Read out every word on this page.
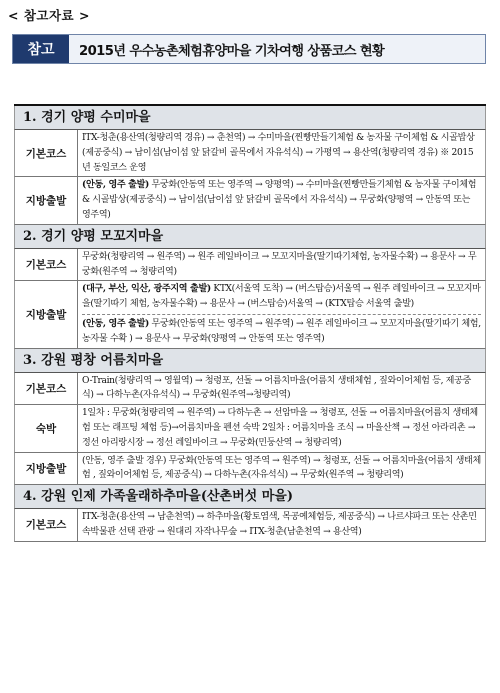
< 참고자료 >
참고	2015년 우수농촌체험휴양마을 기차여행 상품코스 현황
1. 경기 양평 수미마을
기본코스

ITX-청춘(용산역(청량리역 경유) → 춘천역) → 수미마을(찐빵만들기체험 & 농자물 구이체험 & 시골밥상(제공중식) → 남이섬(남이섬 앞 닭갈비 골목에서 자유석식) → 가평역 → 용산역(청량리역 경유) ※ 2015년 동일코스 운영

지방출발

(안동, 영주 출발) 무궁화(안동역 또는 영주역 → 양평역) → 수미마을(찐빵만들기체험 & 농자물 구이체험 & 시골밥상(제공중식) → 남이섬(남이섬 앞 닭갈비 골목에서 자유석식) → 무궁화(양평역 → 안동역 또는 영주역)

2. 경기 양평 모꼬지마을
기본코스

무궁화(청량리역 → 원주역) → 원주 레일바이크 → 모꼬지마을(딸기따기체험, 농자물수확) → 용문사 → 무궁화(원주역 → 청량리역)

지방출발

(대구, 부산, 익산, 광주지역 출발) KTX(서울역 도착) → (버스탑승)서울역 → 원주 레일바이크 → 모꼬지마을(딸기따기 체험, 농자물수확) → 용문사 → (버스탑승)서울역 → (KTX탑승 서울역 출발)

(안동, 영주 출발) 무궁화(안동역 또는 영주역 → 원주역) → 원주 레일바이크 → 모꼬지마을(딸기따기 체험, 농자물 수확 ) → 용문사 → 무궁화(양평역 → 안동역 또는 영주역)

3. 강원 평창 어름치마을
기본코스

O-Train(청량리역 → 영월역) → 청령포, 선돌 → 어름치마을(어름치 생태체험 , 짚와이어체험 등, 제공중식) → 다하누촌(자유석식) → 무궁화(원주역→청량리역)

숙박

1일차 : 무궁화(청량리역 → 원주역) → 다하누촌 → 선암마을 → 청령포, 선돌 → 어름치마을(어름치 생태체험 또는 래프팅 체험 등)→어름치마을 펜션 숙박 2일차 : 어름치마을 조식 → 마을산책 → 정선 아라리촌 → 정선 아리랑시장 → 정선 레일바이크 → 무궁화(민둥산역 → 청량리역)

지방출발

(안동, 영주 출발 경우) 무궁화(안동역 또는 영주역 → 원주역) → 청령포, 선돌 → 어름치마을(어름치 생태체험 , 짚와이어체험 등, 제공중식) → 다하누촌(자유석식) → 무궁화(원주역 → 청량리역)

4. 강원 인제 가족울래하추마을(산촌버섯 마을)
기본코스

ITX-청춘(용산역 → 남춘천역) → 하추마을(황토염색, 목공예체험등, 제공중식) → 나르샤파크 또는 산촌민속박물관 선택 관광 → 원대리 자작나무숲 → ITX-청춘(남춘천역 → 용산역)
